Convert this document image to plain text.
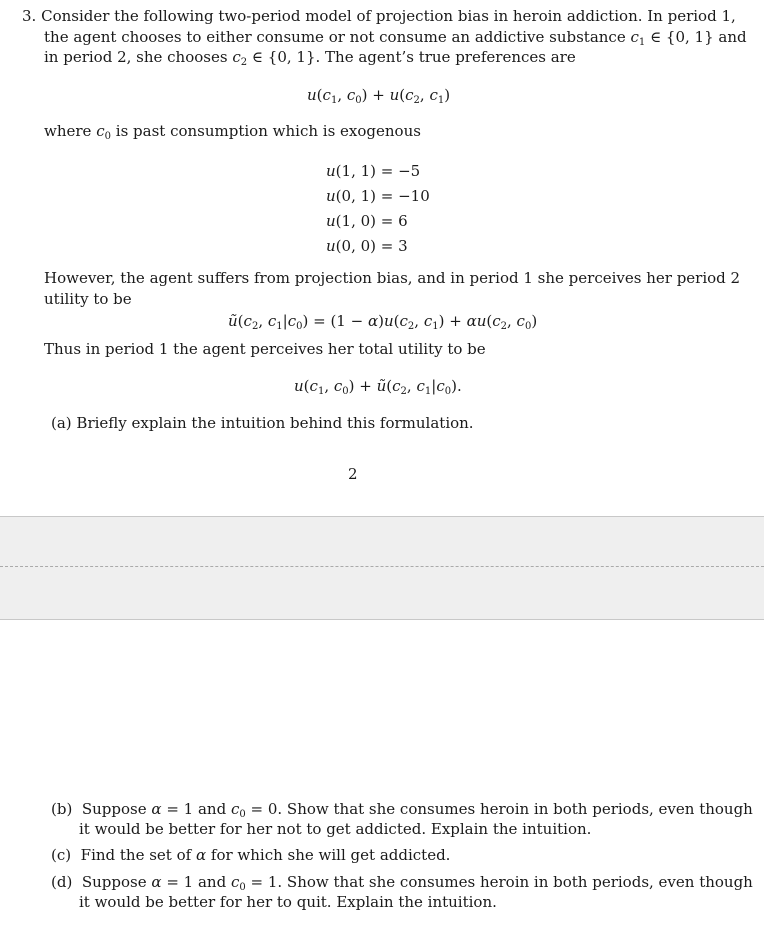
3. Consider the following two-period model of projection bias in heroin addiction. In period 1,
the agent chooses to either consume or not consume an addictive substance $c_1$ ∈ {0, 1} and
in period 2, she chooses $c_2$ ∈ {0, 1}. The agent’s true preferences are
$u(c_1$, $c_0) + u(c_2$, $c_1$)
where $c_0$ is past consumption which is exogenous
u(1, 1) = −5
u(0, 1) = −10
u(1, 0) = 6
u(0, 0) = 3
However, the agent suffers from projection bias, and in period 1 she perceives her period 2
utility to be
$ũ(c_2$, $c_1|c_0) = (1 - \alpha)u(c_2$, $c_1) + \alpha u(c_2$, $c_0$)
Thus in period 1 the agent perceives her total utility to be
$u(c_1$, $c_0$) + $ũ(c_2$, $c_1|c_0$).
(a) Briefly explain the intuition behind this formulation.
2
(b) Suppose α = 1 and $c_0 = 0$. Show that she consumes heroin in both periods, even though
it would be better for her not to get addicted. Explain the intuition.
(c) Find the set of α for which she will get addicted.
(d) Suppose α = 1 and $c_0 = 1$. Show that she consumes heroin in both periods, even though
it would be better for her to quit. Explain the intuition.
